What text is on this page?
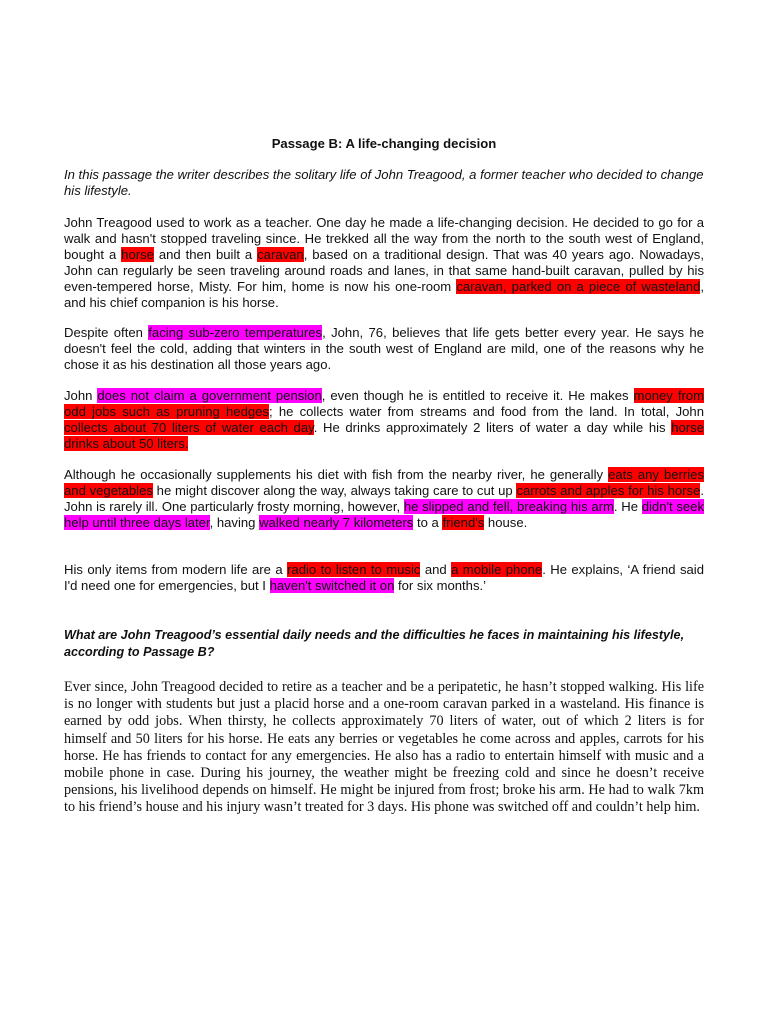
Passage B: A life-changing decision

In this passage the writer describes the solitary life of John Treagood, a former teacher who decided to change his lifestyle.

John Treagood used to work as a teacher. One day he made a life-changing decision. He decided to go for a walk and hasn't stopped traveling since. He trekked all the way from the north to the south west of England, bought a horse and then built a caravan, based on a traditional design. That was 40 years ago. Nowadays, John can regularly be seen traveling around roads and lanes, in that same hand-built caravan, pulled by his even-tempered horse, Misty. For him, home is now his one-room caravan, parked on a piece of wasteland, and his chief companion is his horse.

Despite often facing sub-zero temperatures, John, 76, believes that life gets better every year. He says he doesn't feel the cold, adding that winters in the south west of England are mild, one of the reasons why he chose it as his destination all those years ago.

John does not claim a government pension, even though he is entitled to receive it. He makes money from odd jobs such as pruning hedges; he collects water from streams and food from the land. In total, John collects about 70 liters of water each day. He drinks approximately 2 liters of water a day while his horse drinks about 50 liters.

Although he occasionally supplements his diet with fish from the nearby river, he generally eats any berries and vegetables he might discover along the way, always taking care to cut up carrots and apples for his horse. John is rarely ill. One particularly frosty morning, however, he slipped and fell, breaking his arm. He didn't seek help until three days later, having walked nearly 7 kilometers to a friend's house.

His only items from modern life are a radio to listen to music and a mobile phone. He explains, ‘A friend said I'd need one for emergencies, but I haven't switched it on for six months.’

What are John Treagood’s essential daily needs and the difficulties he faces in maintaining his lifestyle, according to Passage B?

Ever since, John Treagood decided to retire as a teacher and be a peripatetic, he hasn’t stopped walking. His life is no longer with students but just a placid horse and a one-room caravan parked in a wasteland. His finance is earned by odd jobs. When thirsty, he collects approximately 70 liters of water, out of which 2 liters is for himself and 50 liters for his horse. He eats any berries or vegetables he come across and apples, carrots for his horse. He has friends to contact for any emergencies. He also has a radio to entertain himself with music and a mobile phone in case. During his journey, the weather might be freezing cold and since he doesn’t receive pensions, his livelihood depends on himself. He might be injured from frost; broke his arm. He had to walk 7km to his friend’s house and his injury wasn’t treated for 3 days. His phone was switched off and couldn’t help him.
